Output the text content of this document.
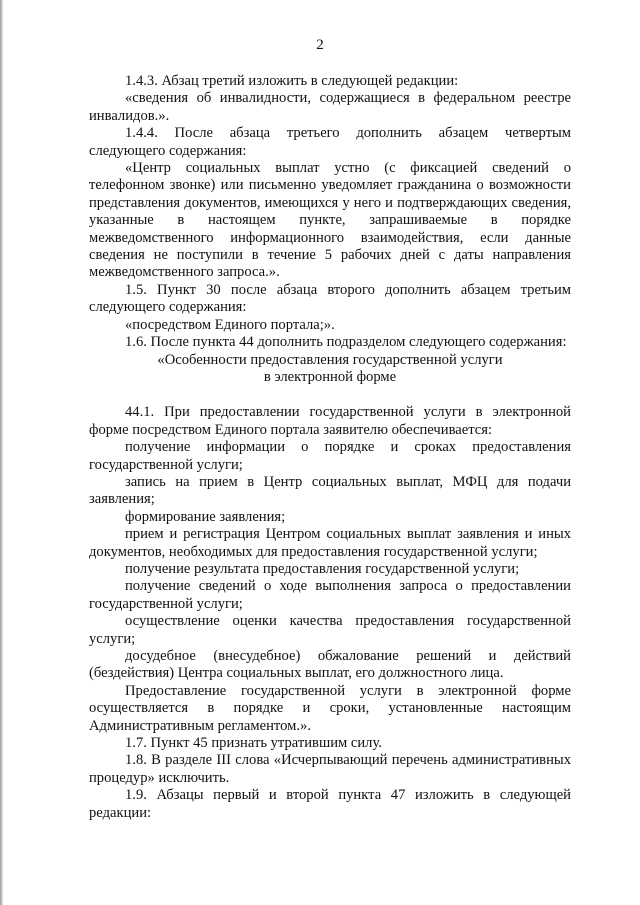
2

1.4.3. Абзац третий изложить в следующей редакции:

«сведения об инвалидности, содержащиеся в федеральном реестре инвалидов.».

1.4.4. После абзаца третьего дополнить абзацем четвертым следующего содержания:

«Центр социальных выплат устно (с фиксацией сведений о телефонном звонке) или письменно уведомляет гражданина о возможности представления документов, имеющихся у него и подтверждающих сведения, указанные в настоящем пункте, запрашиваемые в порядке межведомственного информационного взаимодействия, если данные сведения не поступили в течение 5 рабочих дней с даты направления межведомственного запроса.».

1.5. Пункт 30 после абзаца второго дополнить абзацем третьим следующего содержания:

«посредством Единого портала;».

1.6. После пункта 44 дополнить подразделом следующего содержания:

«Особенности предоставления государственной услуги
в электронной форме

44.1. При предоставлении государственной услуги в электронной форме посредством Единого портала заявителю обеспечивается:

получение информации о порядке и сроках предоставления государственной услуги;

запись на прием в Центр социальных выплат, МФЦ для подачи заявления;

формирование заявления;

прием и регистрация Центром социальных выплат заявления и иных документов, необходимых для предоставления государственной услуги;

получение результата предоставления государственной услуги;

получение сведений о ходе выполнения запроса о предоставлении государственной услуги;

осуществление оценки качества предоставления государственной услуги;

досудебное (внесудебное) обжалование решений и действий (бездействия) Центра социальных выплат, его должностного лица.

Предоставление государственной услуги в электронной форме осуществляется в порядке и сроки, установленные настоящим Административным регламентом.».

1.7. Пункт 45 признать утратившим силу.

1.8. В разделе III слова «Исчерпывающий перечень административных процедур» исключить.

1.9. Абзацы первый и второй пункта 47 изложить в следующей редакции:
